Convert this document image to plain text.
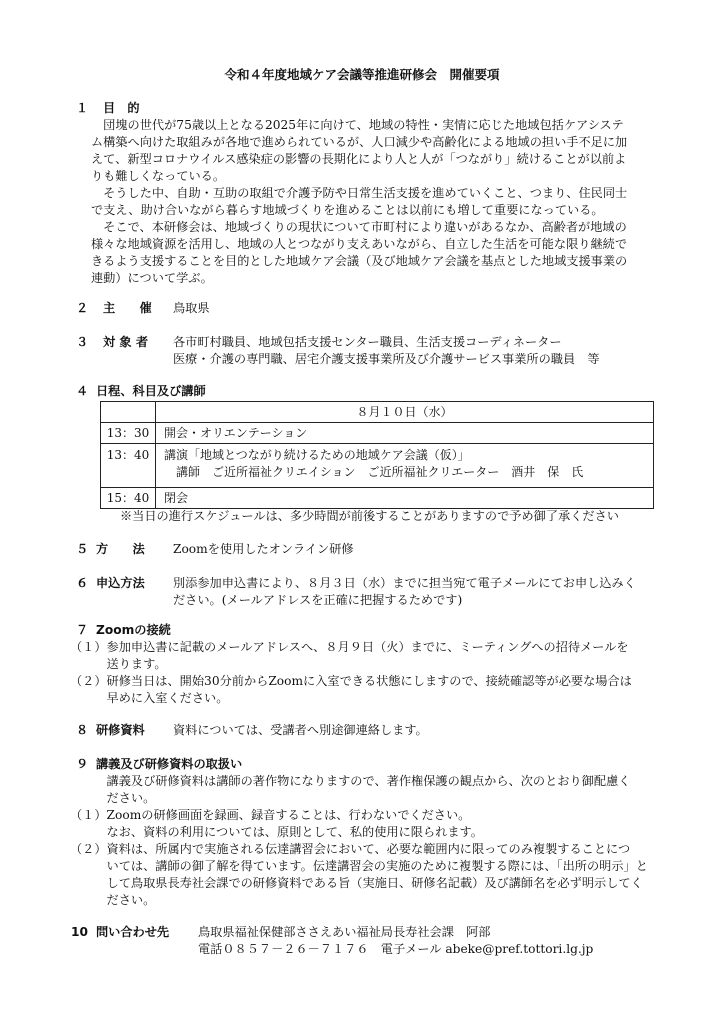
令和４年度地域ケア会議等推進研修会　開催要項
１ 目　的
　団塊の世代が75歳以上となる2025年に向けて、地域の特性・実情に応じた地域包括ケアシステ
ム構築へ向けた取組みが各地で進められているが、人口減少や高齢化による地域の担い手不足に加
えて、新型コロナウイルス感染症の影響の長期化により人と人が「つながり」続けることが以前よ
りも難しくなっている。
　そうした中、自助・互助の取組で介護予防や日常生活支援を進めていくこと、つまり、住民同士
で支え、助け合いながら暮らす地域づくりを進めることは以前にも増して重要になっている。
　そこで、本研修会は、地域づくりの現状について市町村により違いがあるなか、高齢者が地域の
様々な地域資源を活用し、地域の人とつながり支えあいながら、自立した生活を可能な限り継続で
きるよう支援することを目的とした地域ケア会議（及び地域ケア会議を基点とした地域支援事業の
連動）について学ぶ。
２ 主　　催 鳥取県
３ 対 象 者 各市町村職員、地域包括支援センター職員、生活支援コーディネーター
医療・介護の専門職、居宅介護支援事業所及び介護サービス事業所の職員　等
４ 日程、科目及び講師
	８月１０日（水）
13：30	開会・オリエンテーション
13：40	講演「地域とつながり続けるための地域ケア会議（仮）」
　講師　ご近所福祉クリエイション　ご近所福祉クリエーター　酒井　保　氏

15：40	閉会
※当日の進行スケジュールは、多少時間が前後することがありますので予め御了承ください
５ 方　　法 Zoomを使用したオンライン研修
６ 申込方法 別添参加申込書により、８月３日（水）までに担当宛て電子メールにてお申し込みく
ださい。(メールアドレスを正確に把握するためです)
７ Zoomの接続
（１）参加申込書に記載のメールアドレスへ、８月９日（火）までに、ミーティングへの招待メールを
　　　送ります。
（２）研修当日は、開始30分前からZoomに入室できる状態にしますので、接続確認等が必要な場合は
　　　早めに入室ください。
８ 研修資料 資料については、受講者へ別途御連絡します。
９ 講義及び研修資料の取扱い
　　　講義及び研修資料は講師の著作物になりますので、著作権保護の観点から、次のとおり御配慮く
　　　ださい。
（１）Zoomの研修画面を録画、録音することは、行わないでください。
　　　なお、資料の利用については、原則として、私的使用に限られます。
（２）資料は、所属内で実施される伝達講習会において、必要な範囲内に限ってのみ複製することにつ
　　　いては、講師の御了解を得ています。伝達講習会の実施のために複製する際には、「出所の明示」と
　　　して鳥取県長寿社会課での研修資料である旨（実施日、研修名記載）及び講師名を必ず明示してく
　　　ださい。
10 問い合わせ先 鳥取県福祉保健部ささえあい福祉局長寿社会課　阿部
電話０８５７－２６－７１７６　電子メール abeke@pref.tottori.lg.jp
